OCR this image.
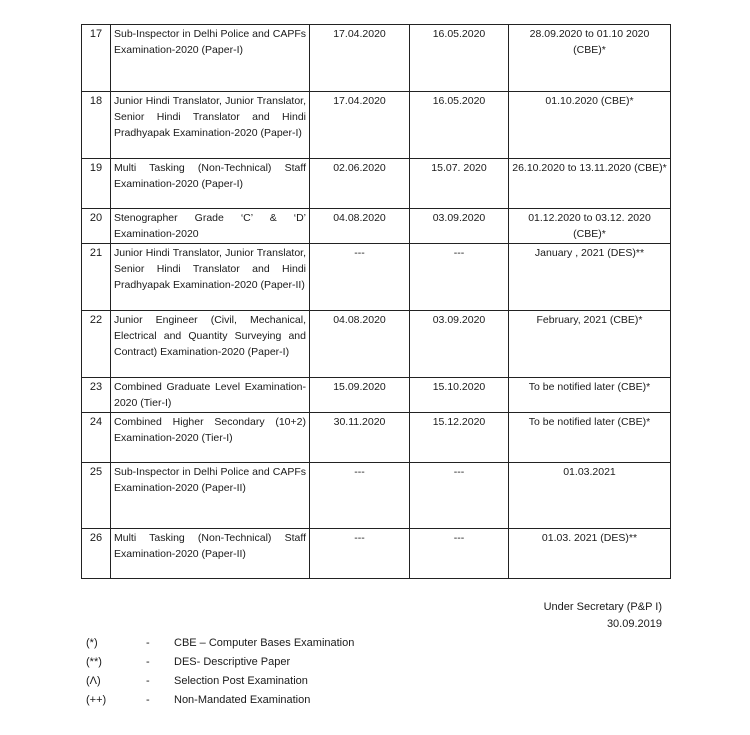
17	Sub-Inspector in Delhi Police and CAPFs Examination-2020 (Paper-I)	17.04.2020	16.05.2020	28.09.2020 to 01.10 2020 (CBE)*
18	Junior Hindi Translator, Junior Translator, Senior Hindi Translator and Hindi Pradhyapak Examination-2020 (Paper-I)	17.04.2020	16.05.2020	01.10.2020 (CBE)*
19	Multi Tasking (Non-Technical) Staff Examination-2020 (Paper-I)	02.06.2020	15.07. 2020	26.10.2020 to 13.11.2020 (CBE)*
20	Stenographer Grade ‘C’ & ‘D’ Examination-2020	04.08.2020	03.09.2020	01.12.2020 to 03.12. 2020 (CBE)*
21	Junior Hindi Translator, Junior Translator, Senior Hindi Translator and Hindi Pradhyapak Examination-2020 (Paper-II)	---	---	January , 2021 (DES)**
22	Junior Engineer (Civil, Mechanical, Electrical and Quantity Surveying and Contract) Examination-2020 (Paper-I)	04.08.2020	03.09.2020	February, 2021 (CBE)*
23	Combined Graduate Level Examination-2020 (Tier-I)	15.09.2020	15.10.2020	To be notified later (CBE)*
24	Combined Higher Secondary (10+2) Examination-2020 (Tier-I)	30.11.2020	15.12.2020	To be notified later (CBE)*
25	Sub-Inspector in Delhi Police and CAPFs Examination-2020 (Paper-II)	---	---	01.03.2021
26	Multi Tasking (Non-Technical) Staff Examination-2020 (Paper-II)	---	---	01.03. 2021 (DES)**
Under Secretary (P&P I)
30.09.2019
(*)	-	CBE – Computer Bases Examination
(**)	-	DES- Descriptive Paper
(Λ)	-	Selection Post Examination
(++)	-	Non-Mandated Examination
